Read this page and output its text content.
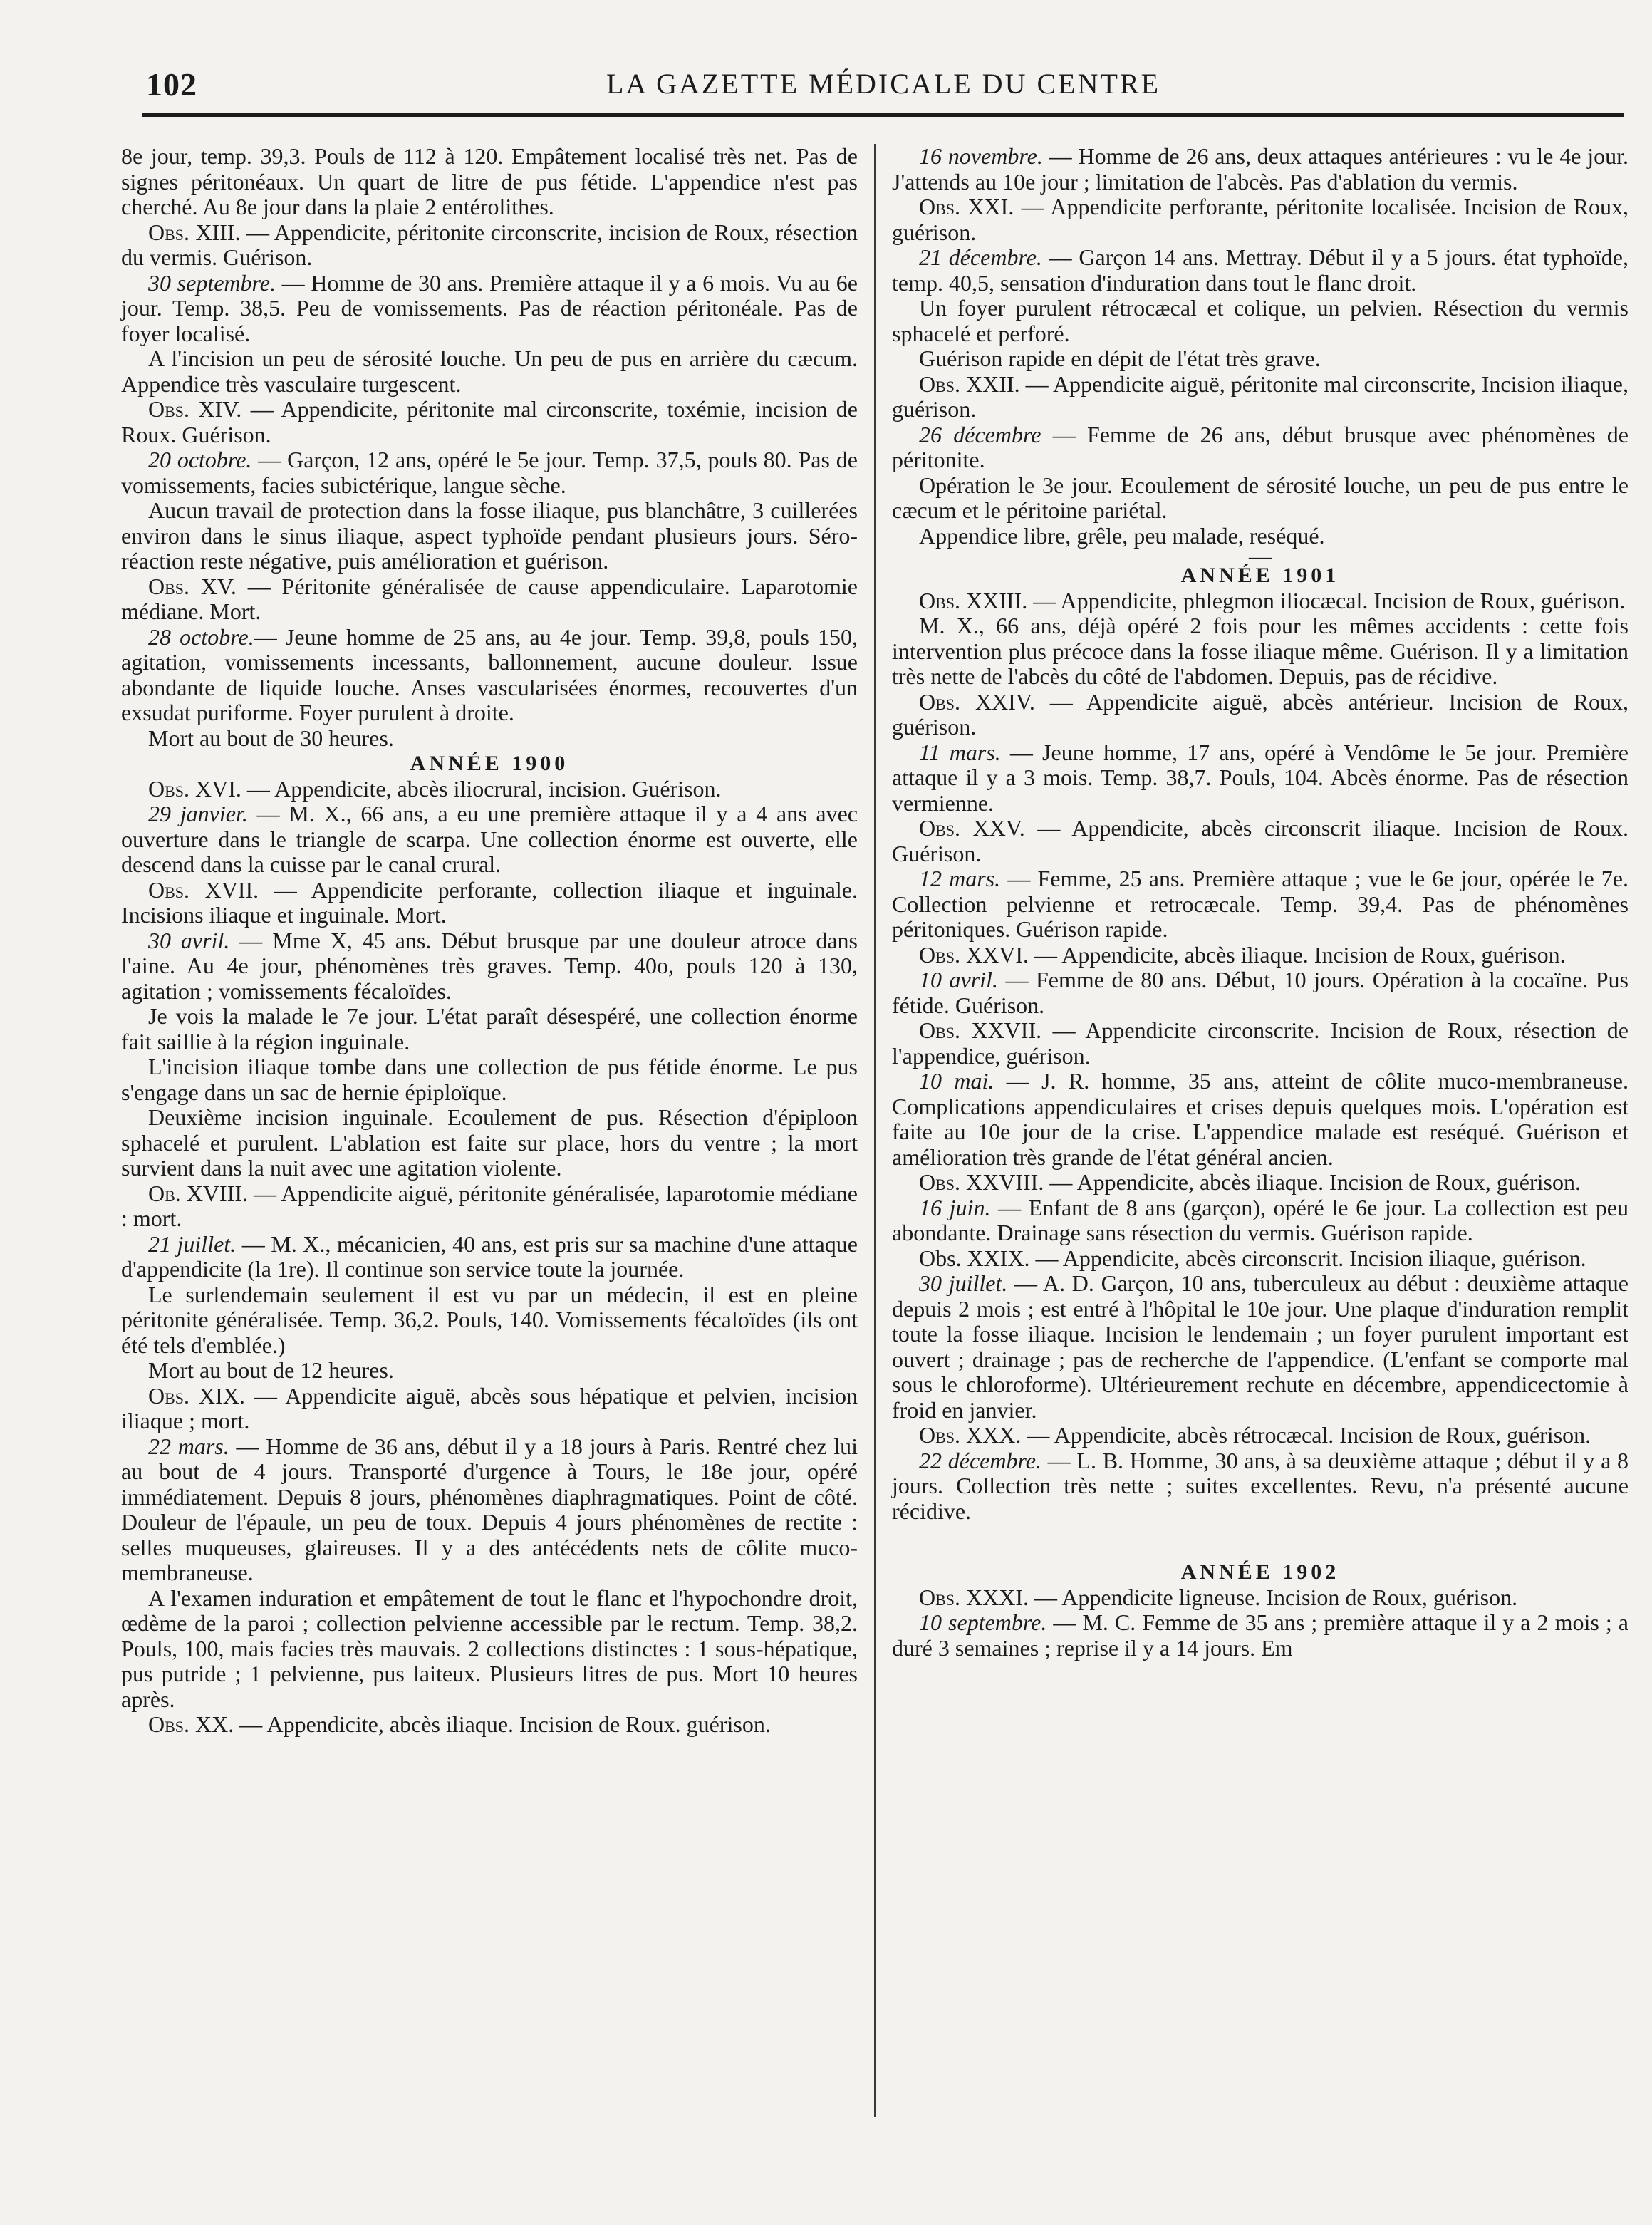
102	LA GAZETTE MÉDICALE DU CENTRE

8e jour, temp. 39,3. Pouls de 112 à 120. Empâtement localisé très net. Pas de signes péritonéaux. Un quart de litre de pus fétide. L'appendice n'est pas cherché. Au 8e jour dans la plaie 2 entérolithes.

Obs. XIII. — Appendicite, péritonite circonscrite, incision de Roux, résection du vermis. Guérison.

30 septembre. — Homme de 30 ans. Première attaque il y a 6 mois. Vu au 6e jour. Temp. 38,5. Peu de vomissements. Pas de réaction péritonéale. Pas de foyer localisé.

A l'incision un peu de sérosité louche. Un peu de pus en arrière du cæcum. Appendice très vasculaire turgescent.

Obs. XIV. — Appendicite, péritonite mal circonscrite, toxémie, incision de Roux. Guérison.

20 octobre. — Garçon, 12 ans, opéré le 5e jour. Temp. 37,5, pouls 80. Pas de vomissements, facies subictérique, langue sèche.

Aucun travail de protection dans la fosse iliaque, pus blanchâtre, 3 cuillerées environ dans le sinus iliaque, aspect typhoïde pendant plusieurs jours. Séro-réaction reste négative, puis amélioration et guérison.

Obs. XV. — Péritonite généralisée de cause appendiculaire. Laparotomie médiane. Mort.

28 octobre.— Jeune homme de 25 ans, au 4e jour. Temp. 39,8, pouls 150, agitation, vomissements incessants, ballonnement, aucune douleur. Issue abondante de liquide louche. Anses vascularisées énormes, recouvertes d'un exsudat puriforme. Foyer purulent à droite.

Mort au bout de 30 heures.

ANNÉE 1900

Obs. XVI. — Appendicite, abcès iliocrural, incision. Guérison.

29 janvier. — M. X., 66 ans, a eu une première attaque il y a 4 ans avec ouverture dans le triangle de scarpa. Une collection énorme est ouverte, elle descend dans la cuisse par le canal crural.

Obs. XVII. — Appendicite perforante, collection iliaque et inguinale. Incisions iliaque et inguinale. Mort.

30 avril. — Mme X, 45 ans. Début brusque par une douleur atroce dans l'aine. Au 4e jour, phénomènes très graves. Temp. 40o, pouls 120 à 130, agitation ; vomissements fécaloïdes.

Je vois la malade le 7e jour. L'état paraît désespéré, une collection énorme fait saillie à la région inguinale.

L'incision iliaque tombe dans une collection de pus fétide énorme. Le pus s'engage dans un sac de hernie épiploïque.

Deuxième incision inguinale. Ecoulement de pus. Résection d'épiploon sphacelé et purulent. L'ablation est faite sur place, hors du ventre ; la mort survient dans la nuit avec une agitation violente.

Ob. XVIII. — Appendicite aiguë, péritonite généralisée, laparotomie médiane : mort.

21 juillet. — M. X., mécanicien, 40 ans, est pris sur sa machine d'une attaque d'appendicite (la 1re). Il continue son service toute la journée.

Le surlendemain seulement il est vu par un médecin, il est en pleine péritonite généralisée. Temp. 36,2. Pouls, 140. Vomissements fécaloïdes (ils ont été tels d'emblée.)

Mort au bout de 12 heures.

Obs. XIX. — Appendicite aiguë, abcès sous hépatique et pelvien, incision iliaque ; mort.

22 mars. — Homme de 36 ans, début il y a 18 jours à Paris. Rentré chez lui au bout de 4 jours. Transporté d'urgence à Tours, le 18e jour, opéré immédiatement. Depuis 8 jours, phénomènes diaphragmatiques. Point de côté. Douleur de l'épaule, un peu de toux. Depuis 4 jours phénomènes de rectite : selles muqueuses, glaireuses. Il y a des antécédents nets de côlite muco-membraneuse.

A l'examen induration et empâtement de tout le flanc et l'hypochondre droit, œdème de la paroi ; collection pelvienne accessible par le rectum. Temp. 38,2. Pouls, 100, mais facies très mauvais. 2 collections distinctes : 1 sous-hépatique, pus putride ; 1 pelvienne, pus laiteux. Plusieurs litres de pus. Mort 10 heures après.

Obs. XX. — Appendicite, abcès iliaque. Incision de Roux. guérison.

16 novembre. — Homme de 26 ans, deux attaques antérieures : vu le 4e jour. J'attends au 10e jour ; limitation de l'abcès. Pas d'ablation du vermis.

Obs. XXI. — Appendicite perforante, péritonite localisée. Incision de Roux, guérison.

21 décembre. — Garçon 14 ans. Mettray. Début il y a 5 jours. état typhoïde, temp. 40,5, sensation d'induration dans tout le flanc droit.

Un foyer purulent rétrocæcal et colique, un pelvien. Résection du vermis sphacelé et perforé.

Guérison rapide en dépit de l'état très grave.

Obs. XXII. — Appendicite aiguë, péritonite mal circonscrite, Incision iliaque, guérison.

26 décembre — Femme de 26 ans, début brusque avec phénomènes de péritonite.

Opération le 3e jour. Ecoulement de sérosité louche, un peu de pus entre le cæcum et le péritoine pariétal.

Appendice libre, grêle, peu malade, reséqué.

—

ANNÉE 1901

Obs. XXIII. — Appendicite, phlegmon iliocæcal. Incision de Roux, guérison.

M. X., 66 ans, déjà opéré 2 fois pour les mêmes accidents : cette fois intervention plus précoce dans la fosse iliaque même. Guérison. Il y a limitation très nette de l'abcès du côté de l'abdomen. Depuis, pas de récidive.

Obs. XXIV. — Appendicite aiguë, abcès antérieur. Incision de Roux, guérison.

11 mars. — Jeune homme, 17 ans, opéré à Vendôme le 5e jour. Première attaque il y a 3 mois. Temp. 38,7. Pouls, 104. Abcès énorme. Pas de résection vermienne.

Obs. XXV. — Appendicite, abcès circonscrit iliaque. Incision de Roux. Guérison.

12 mars. — Femme, 25 ans. Première attaque ; vue le 6e jour, opérée le 7e. Collection pelvienne et retrocæcale. Temp. 39,4. Pas de phénomènes péritoniques. Guérison rapide.

Obs. XXVI. — Appendicite, abcès iliaque. Incision de Roux, guérison.

10 avril. — Femme de 80 ans. Début, 10 jours. Opération à la cocaïne. Pus fétide. Guérison.

Obs. XXVII. — Appendicite circonscrite. Incision de Roux, résection de l'appendice, guérison.

10 mai. — J. R. homme, 35 ans, atteint de côlite muco-membraneuse. Complications appendiculaires et crises depuis quelques mois. L'opération est faite au 10e jour de la crise. L'appendice malade est reséqué. Guérison et amélioration très grande de l'état général ancien.

Obs. XXVIII. — Appendicite, abcès iliaque. Incision de Roux, guérison.

16 juin. — Enfant de 8 ans (garçon), opéré le 6e jour. La collection est peu abondante. Drainage sans résection du vermis. Guérison rapide.

Obs. XXIX. — Appendicite, abcès circonscrit. Incision iliaque, guérison.

30 juillet. — A. D. Garçon, 10 ans, tuberculeux au début : deuxième attaque depuis 2 mois ; est entré à l'hôpital le 10e jour. Une plaque d'induration remplit toute la fosse iliaque. Incision le lendemain ; un foyer purulent important est ouvert ; drainage ; pas de recherche de l'appendice. (L'enfant se comporte mal sous le chloroforme). Ultérieurement rechute en décembre, appendicectomie à froid en janvier.

Obs. XXX. — Appendicite, abcès rétrocæcal. Incision de Roux, guérison.

22 décembre. — L. B. Homme, 30 ans, à sa deuxième attaque ; début il y a 8 jours. Collection très nette ; suites excellentes. Revu, n'a présenté aucune récidive.

ANNÉE 1902

Obs. XXXI. — Appendicite ligneuse. Incision de Roux, guérison.

10 septembre. — M. C. Femme de 35 ans ; première attaque il y a 2 mois ; a duré 3 semaines ; reprise il y a 14 jours. Em
